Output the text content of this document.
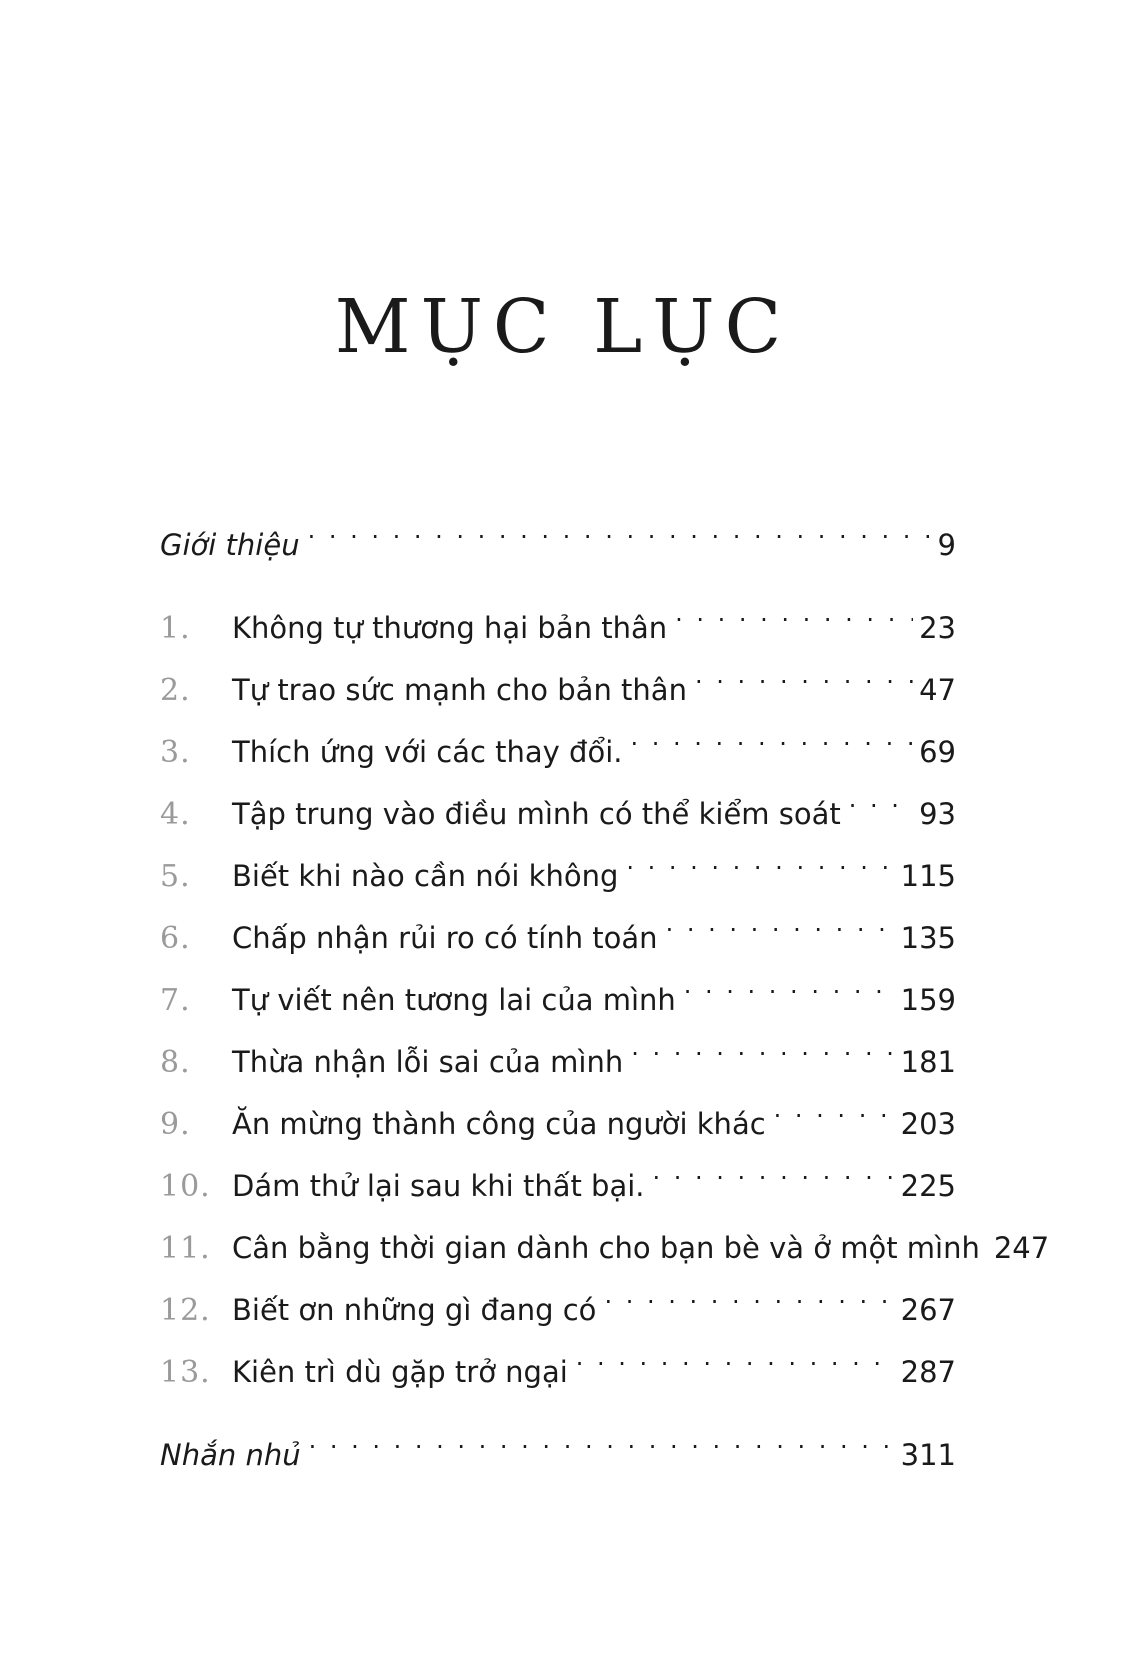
MỤC LỤC
Giới thiệu . . .	9
1.	Không tự thương hại bản thân . . .	23
2.	Tự trao sức mạnh cho bản thân . . .	47
3.	Thích ứng với các thay đổi. . . .	69
4.	Tập trung vào điều mình có thể kiểm soát . . .	93
5.	Biết khi nào cần nói không . . .	115
6.	Chấp nhận rủi ro có tính toán . . .	135
7.	Tự viết nên tương lai của mình . . .	159
8.	Thừa nhận lỗi sai của mình . . .	181
9.	Ăn mừng thành công của người khác . . .	203
10. Dám thử lại sau khi thất bại. . . .	225
11. Cân bằng thời gian dành cho bạn bè và ở một mình 247
12. Biết ơn những gì đang có . . .	267
13. Kiên trì dù gặp trở ngại . . .	287
Nhắn nhủ . . .	311
